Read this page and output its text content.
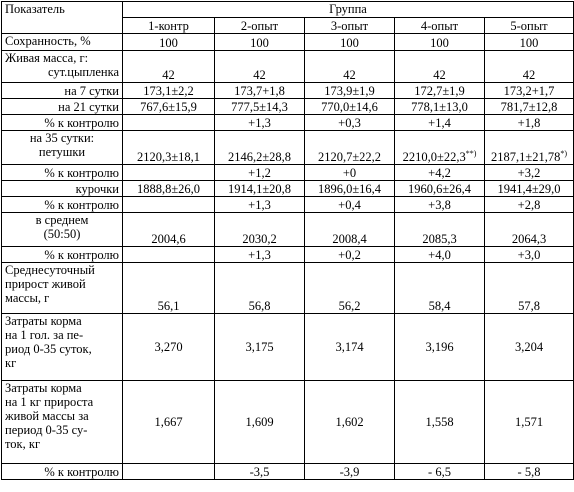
Показатель	Группа				
	1-контр	2-опыт	3-опыт	4-опыт	5-опыт
Сохранность, %	100	100	100	100	100

Живая масса, г:
сут.цыпленка	42	42	42	42	42
на 7 сутки	173,1±2,2	173,7+1,8	173,9±1,9	172,7±1,9	173,2+1,7
на 21 сутки	767,6±15,9	777,5±14,3	770,0±14,6	778,1±13,0	781,7±12,8
% к контролю		+1,3	+0,3	+1,4	+1,8

на 35 сутки:
петушки	2120,3±18,1	2146,2±28,8	2120,7±22,2	2210,0±22,3**)	2187,1±21,78*)
% к контролю		+1,2	+0	+4,2	+3,2
курочки	1888,8±26,0	1914,1±20,8	1896,0±16,4	1960,6±26,4	1941,4±29,0
% к контролю		+1,3	+0,4	+3,8	+2,8

в среднем
(50:50)	2004,6	2030,2	2008,4	2085,3	2064,3
% к контролю		+1,3	+0,2	+4,0	+3,0

Среднесуточный
прирост живой
массы, г	56,1	56,8	56,2	58,4	57,8

Затраты корма
на 1 гол. за пе-
риод 0-35 суток,
кг	3,270	3,175	3,174	3,196	3,204

Затраты корма
на 1 кг прироста
живой массы за
период 0-35 су-
ток, кг	1,667	1,609	1,602	1,558	1,571
% к контролю		-3,5	-3,9	- 6,5	- 5,8
